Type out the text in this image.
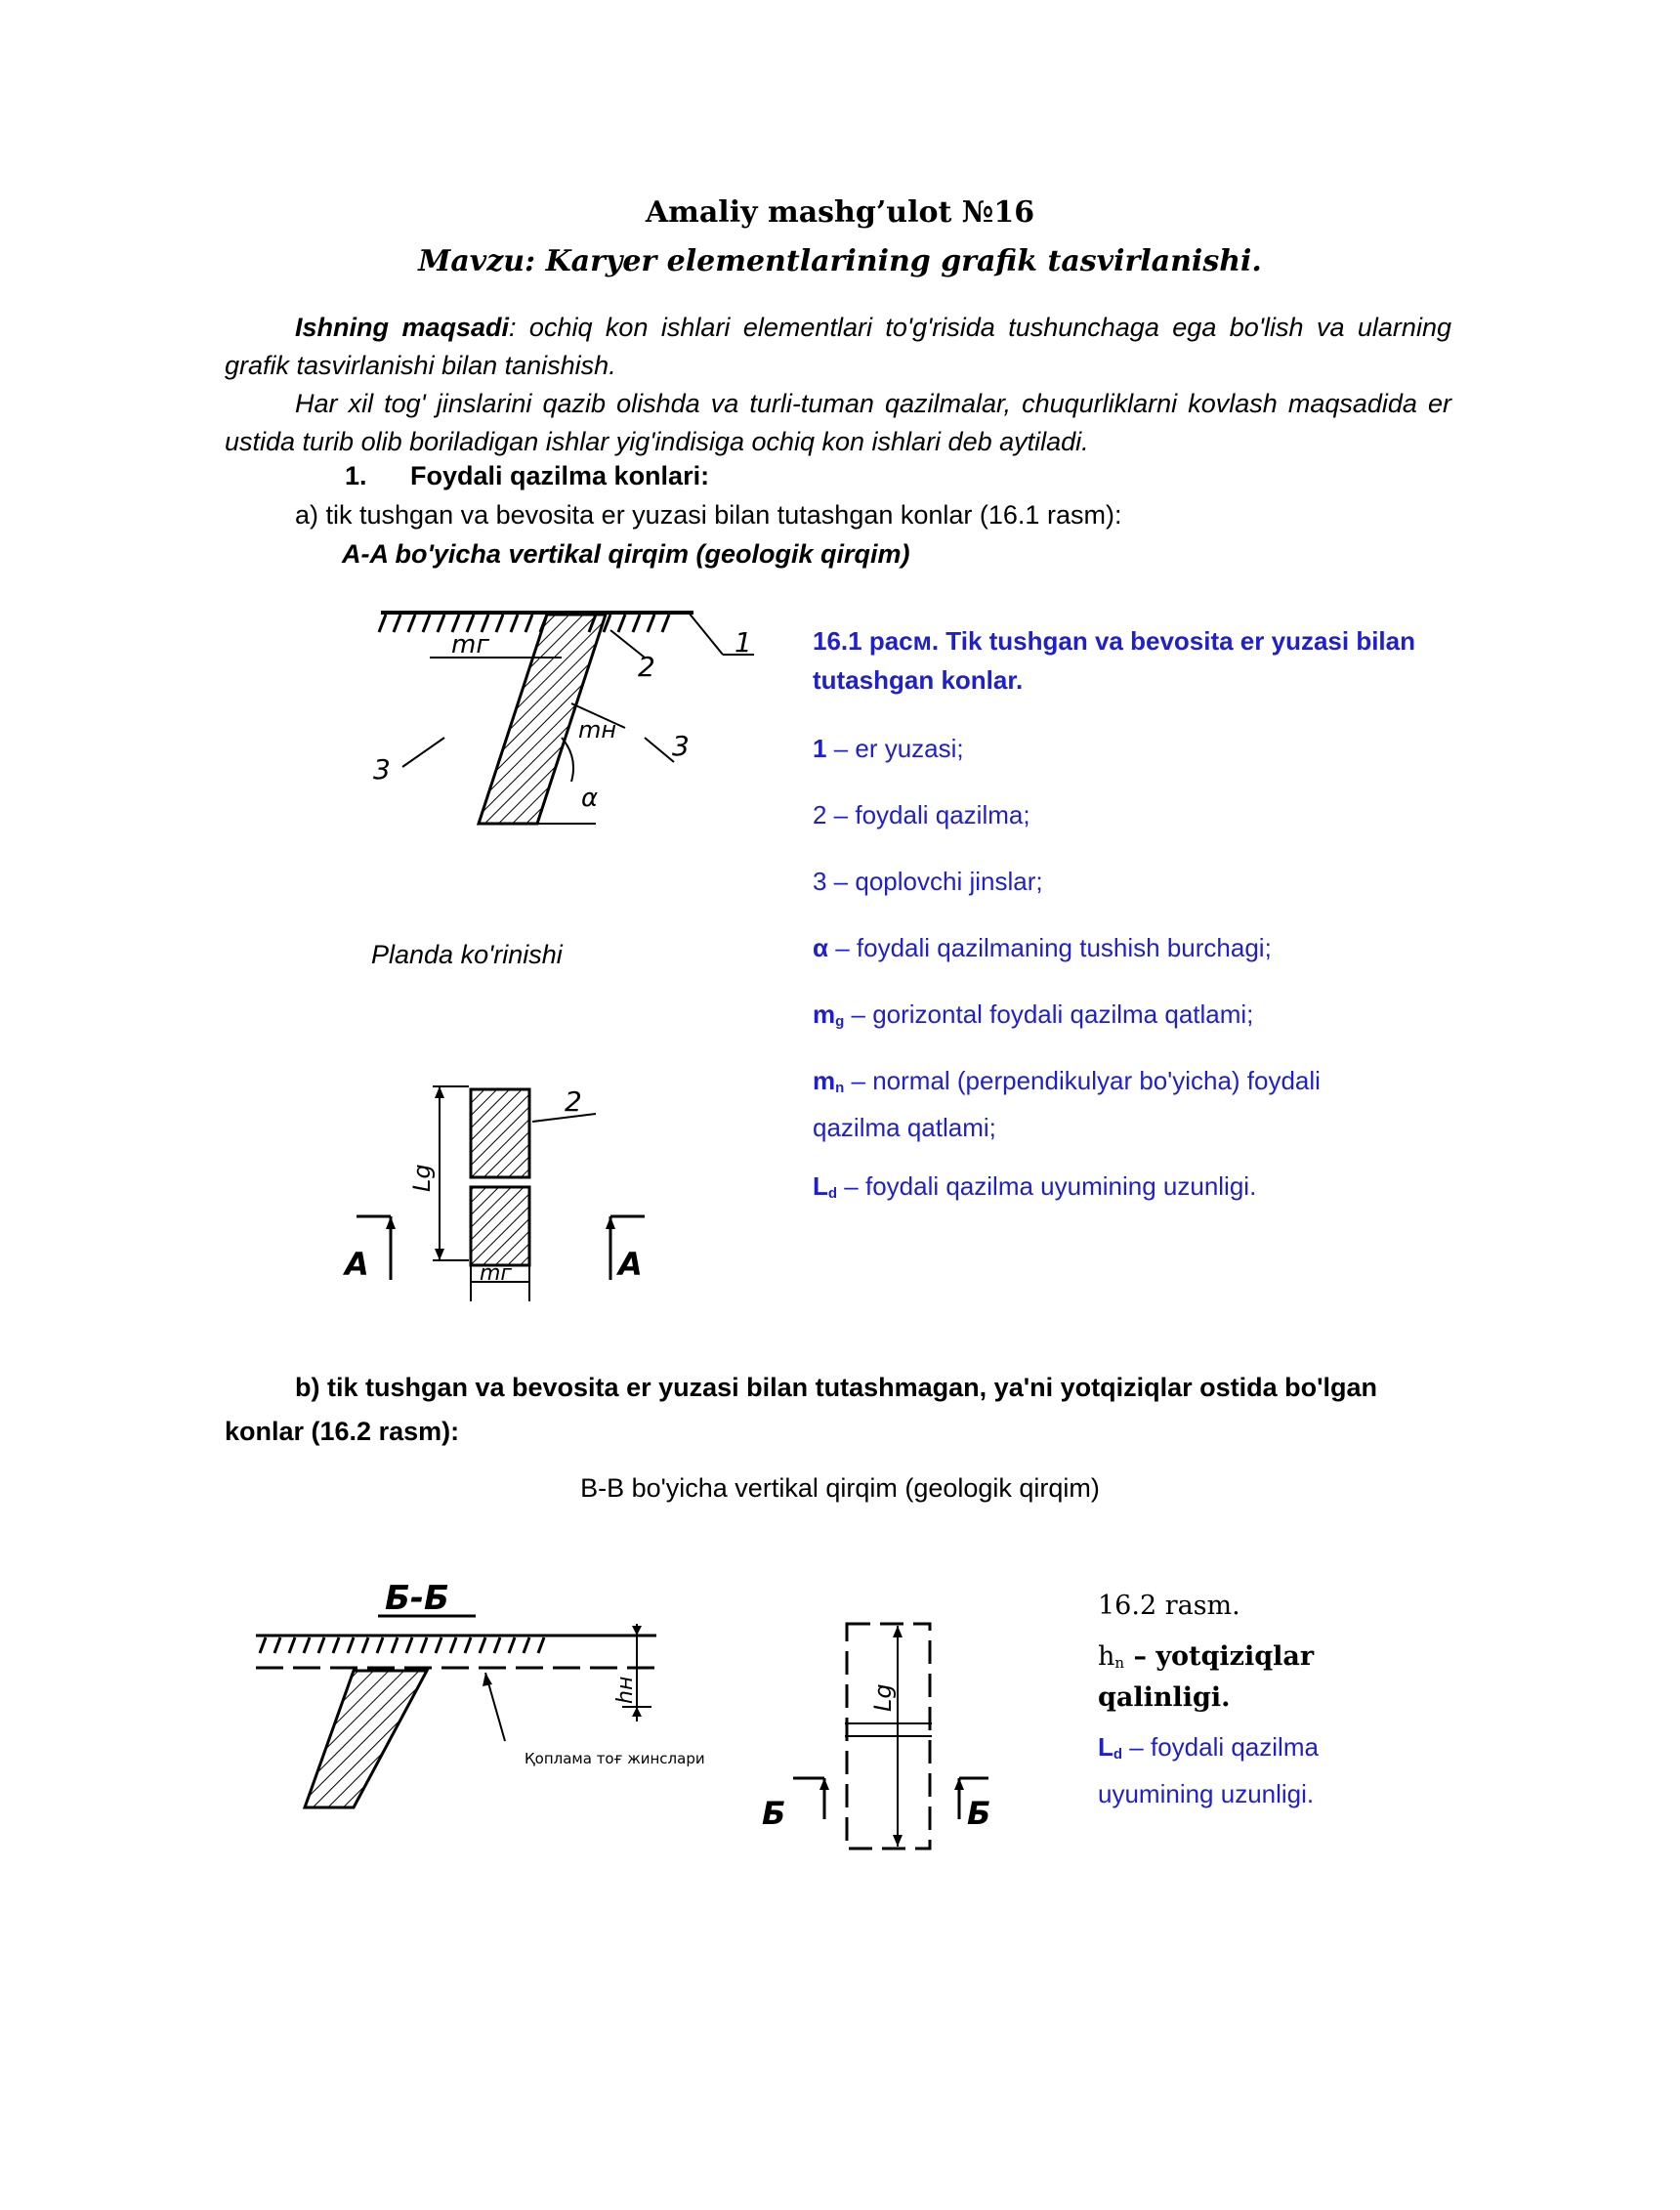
Amaliy mashg’ulot №16

Mavzu: Karyer elementlarining grafik tasvirlanishi.

Ishning maqsadi: ochiq kon ishlari elementlari to'g'risida tushunchaga ega bo'lish va ularning grafik tasvirlanishi bilan tanishish.

Har xil tog' jinslarini qazib olishda va turli-tuman qazilmalar, chuqurliklarni kovlash maqsadida er ustida turib olib boriladigan ishlar yig'indisiga ochiq kon ishlari deb aytiladi.

1. Foydali qazilma konlari:

a) tik tushgan va bevosita er yuzasi bilan tutashgan konlar (16.1 rasm):

A-A bo'yicha vertikal qirqim (geologik qirqim)

mг
mн
α
2
1
3
3

Planda ko'rinishi

Lg
mг
2
A	A

16.1 расм. Tik tushgan va bevosita er yuzasi bilan tutashgan konlar.

1 – er yuzasi;
2 – foydali qazilma;
3 – qoplovchi jinslar;
α – foydali qazilmaning tushish burchagi;
$m_g$ – gorizontal foydali qazilma qatlami;
$m_n$ – normal (perpendikulyar bo'yicha) foydali qazilma qatlami;
$L_d$ – foydali qazilma uyumining uzunligi.

b) tik tushgan va bevosita er yuzasi bilan tutashmagan, ya'ni yotqiziqlar ostida bo'lgan konlar (16.2 rasm):

B-B bo'yicha vertikal qirqim (geologik qirqim)

Б-Б
hн
Қоплама тоғ жинслари
Lg
Б	Б

16.2 rasm.

$h_n$ – yotqiziqlar qalinligi.

$L_d$ – foydali qazilma uyumining uzunligi.
